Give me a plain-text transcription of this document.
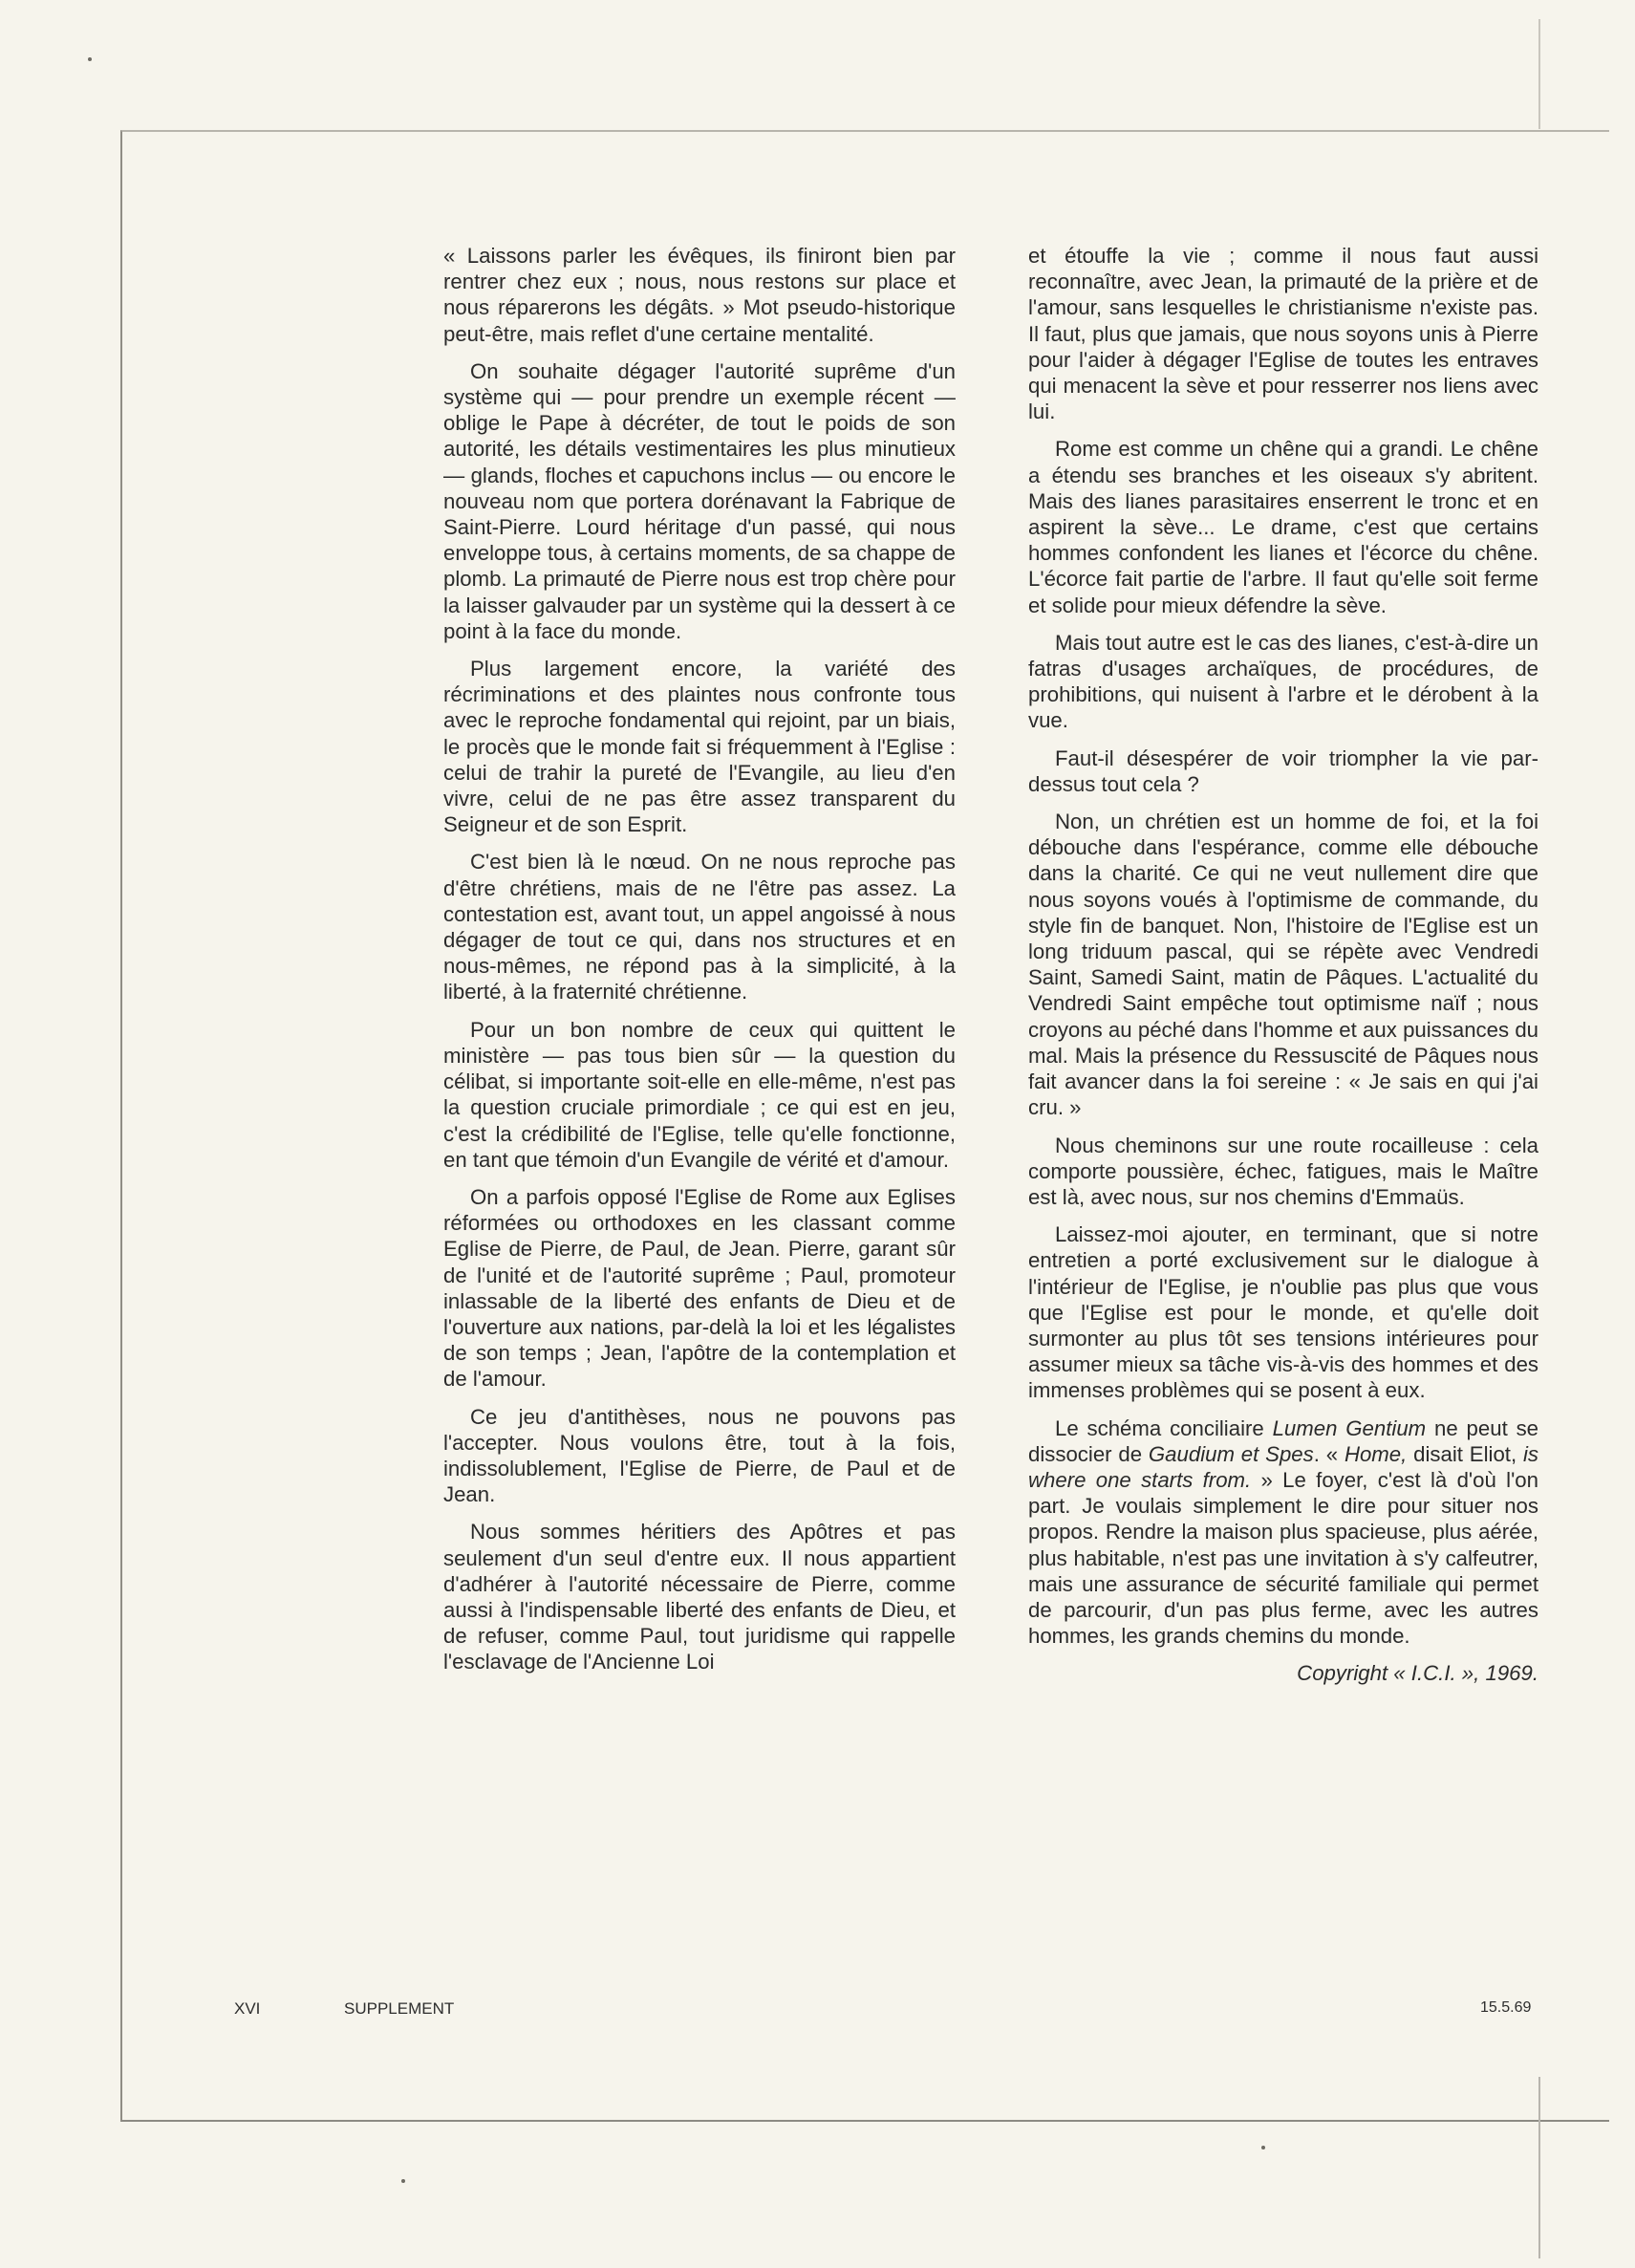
« Laissons parler les évêques, ils finiront bien par rentrer chez eux ; nous, nous restons sur place et nous réparerons les dégâts. » Mot pseudo-historique peut-être, mais reflet d'une certaine mentalité.

On souhaite dégager l'autorité suprême d'un système qui — pour prendre un exemple récent — oblige le Pape à décréter, de tout le poids de son autorité, les détails vestimentaires les plus minutieux — glands, floches et capuchons inclus — ou encore le nouveau nom que portera dorénavant la Fabrique de Saint-Pierre. Lourd héritage d'un passé, qui nous enveloppe tous, à certains moments, de sa chappe de plomb. La primauté de Pierre nous est trop chère pour la laisser galvauder par un système qui la dessert à ce point à la face du monde.

Plus largement encore, la variété des récriminations et des plaintes nous confronte tous avec le reproche fondamental qui rejoint, par un biais, le procès que le monde fait si fréquemment à l'Eglise : celui de trahir la pureté de l'Evangile, au lieu d'en vivre, celui de ne pas être assez transparent du Seigneur et de son Esprit.

C'est bien là le nœud. On ne nous reproche pas d'être chrétiens, mais de ne l'être pas assez. La contestation est, avant tout, un appel angoissé à nous dégager de tout ce qui, dans nos structures et en nous-mêmes, ne répond pas à la simplicité, à la liberté, à la fraternité chrétienne.

Pour un bon nombre de ceux qui quittent le ministère — pas tous bien sûr — la question du célibat, si importante soit-elle en elle-même, n'est pas la question cruciale primordiale ; ce qui est en jeu, c'est la crédibilité de l'Eglise, telle qu'elle fonctionne, en tant que témoin d'un Evangile de vérité et d'amour.

On a parfois opposé l'Eglise de Rome aux Eglises réformées ou orthodoxes en les classant comme Eglise de Pierre, de Paul, de Jean. Pierre, garant sûr de l'unité et de l'autorité suprême ; Paul, promoteur inlassable de la liberté des enfants de Dieu et de l'ouverture aux nations, par-delà la loi et les légalistes de son temps ; Jean, l'apôtre de la contemplation et de l'amour.

Ce jeu d'antithèses, nous ne pouvons pas l'accepter. Nous voulons être, tout à la fois, indissolublement, l'Eglise de Pierre, de Paul et de Jean.

Nous sommes héritiers des Apôtres et pas seulement d'un seul d'entre eux. Il nous appartient d'adhérer à l'autorité nécessaire de Pierre, comme aussi à l'indispensable liberté des enfants de Dieu, et de refuser, comme Paul, tout juridisme qui rappelle l'esclavage de l'Ancienne Loi

et étouffe la vie ; comme il nous faut aussi reconnaître, avec Jean, la primauté de la prière et de l'amour, sans lesquelles le christianisme n'existe pas. Il faut, plus que jamais, que nous soyons unis à Pierre pour l'aider à dégager l'Eglise de toutes les entraves qui menacent la sève et pour resserrer nos liens avec lui.

Rome est comme un chêne qui a grandi. Le chêne a étendu ses branches et les oiseaux s'y abritent. Mais des lianes parasitaires enserrent le tronc et en aspirent la sève... Le drame, c'est que certains hommes confondent les lianes et l'écorce du chêne. L'écorce fait partie de l'arbre. Il faut qu'elle soit ferme et solide pour mieux défendre la sève.

Mais tout autre est le cas des lianes, c'est-à-dire un fatras d'usages archaïques, de procédures, de prohibitions, qui nuisent à l'arbre et le dérobent à la vue.

Faut-il désespérer de voir triompher la vie par-dessus tout cela ?

Non, un chrétien est un homme de foi, et la foi débouche dans l'espérance, comme elle débouche dans la charité. Ce qui ne veut nullement dire que nous soyons voués à l'optimisme de commande, du style fin de banquet. Non, l'histoire de l'Eglise est un long triduum pascal, qui se répète avec Vendredi Saint, Samedi Saint, matin de Pâques. L'actualité du Vendredi Saint empêche tout optimisme naïf ; nous croyons au péché dans l'homme et aux puissances du mal. Mais la présence du Ressuscité de Pâques nous fait avancer dans la foi sereine : « Je sais en qui j'ai cru. »

Nous cheminons sur une route rocailleuse : cela comporte poussière, échec, fatigues, mais le Maître est là, avec nous, sur nos chemins d'Emmaüs.

Laissez-moi ajouter, en terminant, que si notre entretien a porté exclusivement sur le dialogue à l'intérieur de l'Eglise, je n'oublie pas plus que vous que l'Eglise est pour le monde, et qu'elle doit surmonter au plus tôt ses tensions intérieures pour assumer mieux sa tâche vis-à-vis des hommes et des immenses problèmes qui se posent à eux.

Le schéma conciliaire Lumen Gentium ne peut se dissocier de Gaudium et Spes. « Home, disait Eliot, is where one starts from. » Le foyer, c'est là d'où l'on part. Je voulais simplement le dire pour situer nos propos. Rendre la maison plus spacieuse, plus aérée, plus habitable, n'est pas une invitation à s'y calfeutrer, mais une assurance de sécurité familiale qui permet de parcourir, d'un pas plus ferme, avec les autres hommes, les grands chemins du monde.

Copyright « I.C.I. », 1969.

XVI	SUPPLEMENT	15.5.69
